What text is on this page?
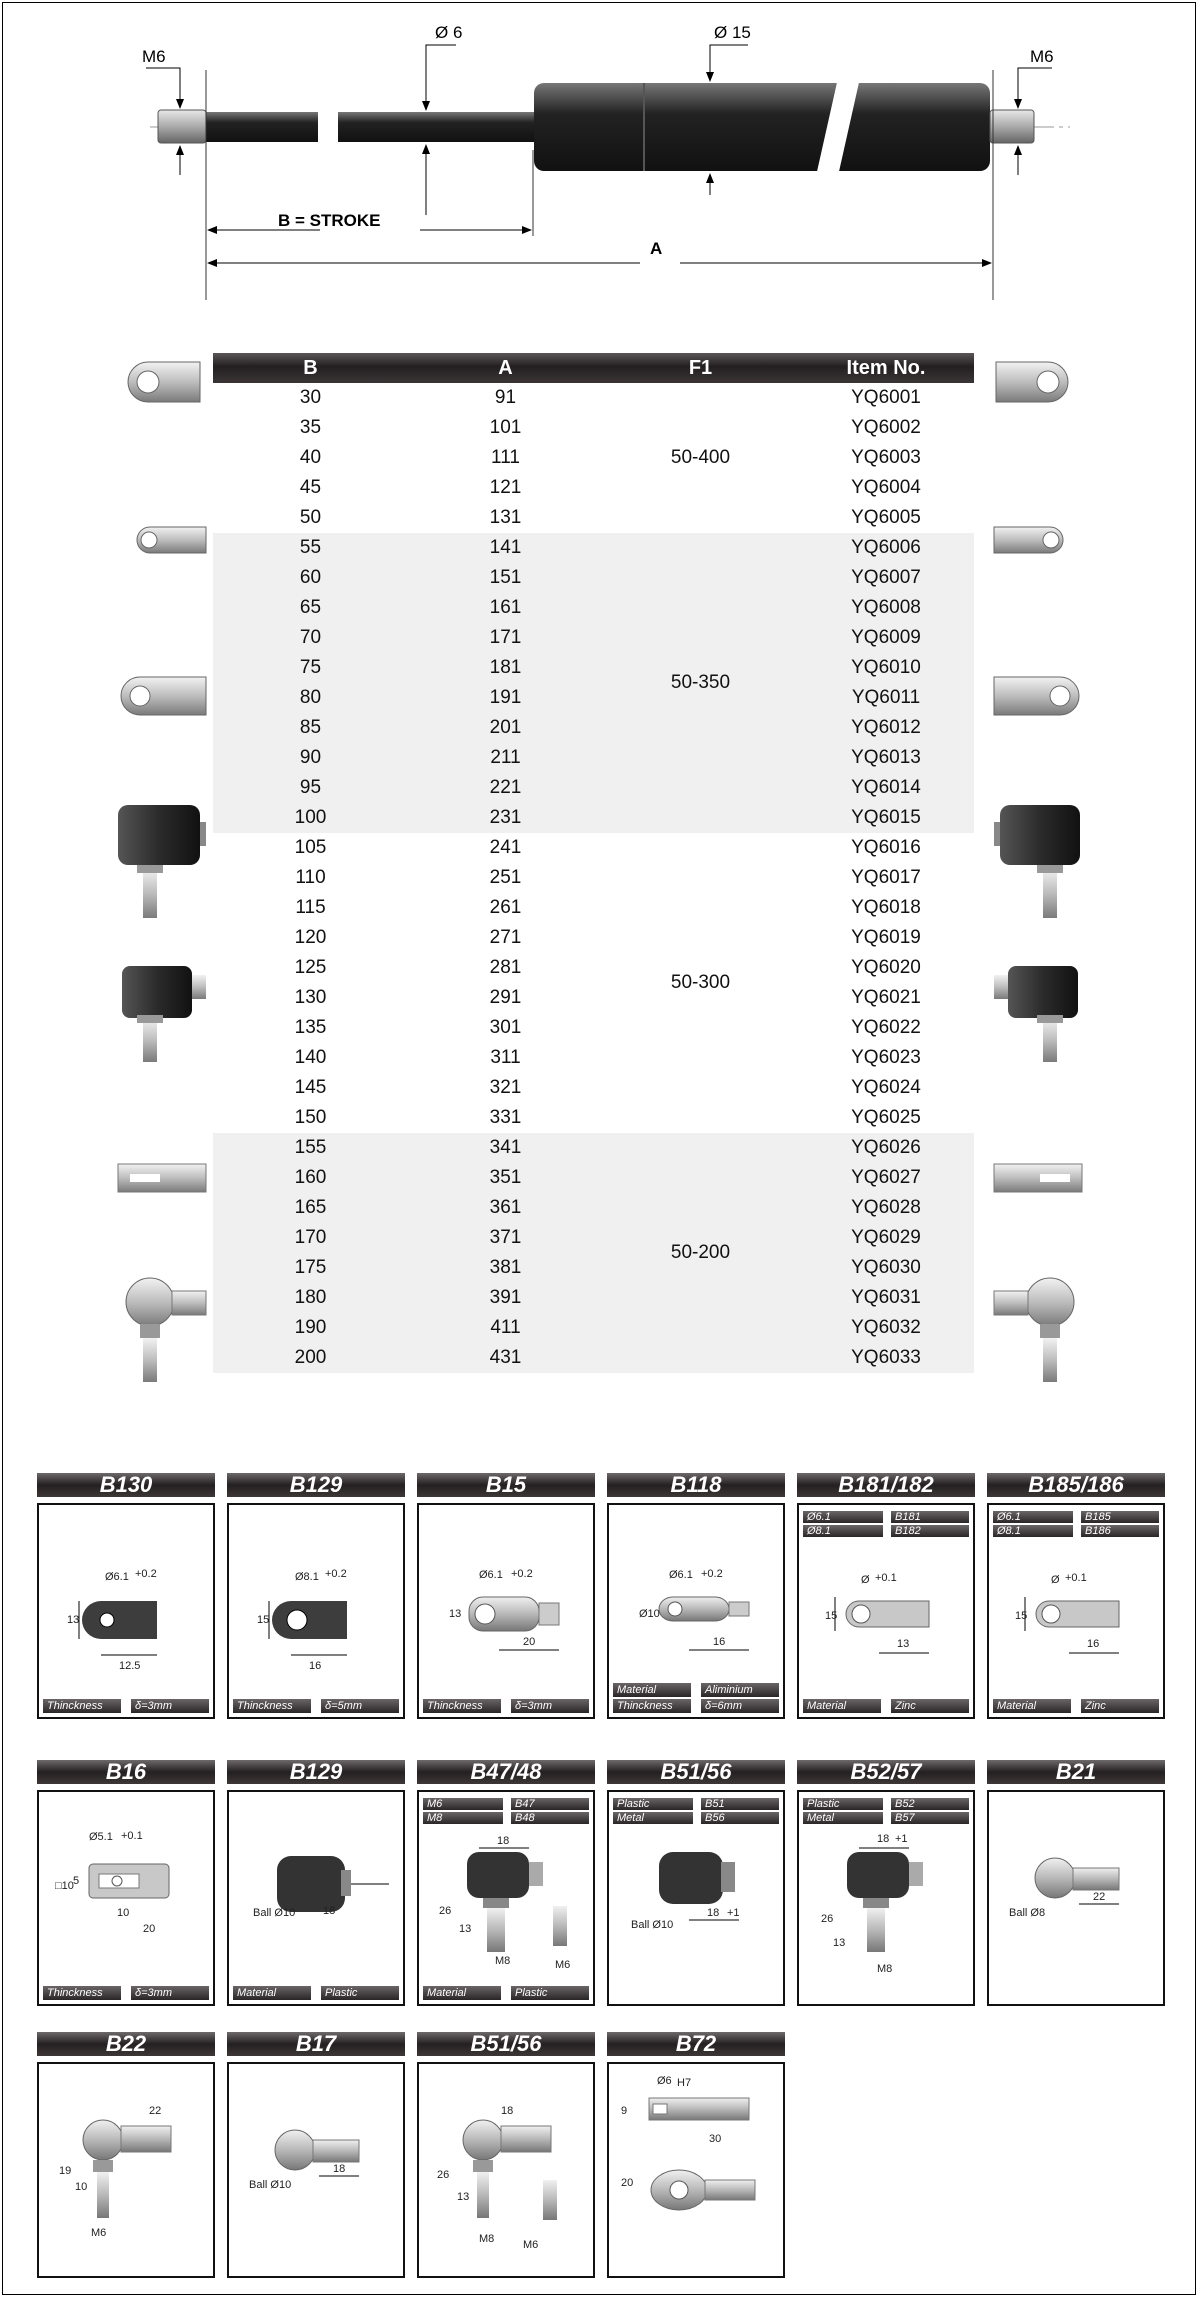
M6	M6
Ø 6	Ø 15
B = STROKE
A
B	A	F1	Item No.
30	91	50-400	YQ6001
35	101		YQ6002
40	111		YQ6003
45	121		YQ6004
50	131		YQ6005
55	141	50-350	YQ6006
60	151		YQ6007
65	161		YQ6008
70	171		YQ6009
75	181		YQ6010
80	191		YQ6011
85	201		YQ6012
90	211		YQ6013
95	221		YQ6014
100	231		YQ6015
105	241	50-300	YQ6016
110	251		YQ6017
115	261		YQ6018
120	271		YQ6019
125	281		YQ6020
130	291		YQ6021
135	301		YQ6022
140	311		YQ6023
145	321		YQ6024
150	331		YQ6025
155	341	50-200	YQ6026
160	351		YQ6027
165	361		YQ6028
170	371		YQ6029
175	381		YQ6030
180	391		YQ6031
190	411		YQ6032
200	431		YQ6033
B130
Ø6.1 +0.2
13
12.5
Thinckness	δ=3mm
B129
Ø8.1 +0.2
15
16
Thinckness	δ=5mm
B15
Ø6.1 +0.2
13
20
Thinckness	δ=3mm
B118
Ø6.1 +0.2
Ø10
16
Material	Aliminium
Thinckness	δ=6mm
B181/182
Ø +0.1
15
13
Ø6.1	B181
Ø8.1	B182
Material	Zinc
B185/186
Ø +0.1
15
16
Ø6.1	B185
Ø8.1	B186
Material	Zinc
B16
Ø5.1 +0.1
□10 5
10
20
Thinckness	δ=3mm
B129
Ball Ø10	18
Material	Plastic
B47/48
18
26
13
M8	M6
M6	B47
M8	B48
Material	Plastic
B51/56
Ball Ø10
18 +1
Plastic	B51
Metal	B56
B52/57
18 +1
26
13
M8
Plastic	B52
Metal	B57
B21
Ball Ø8
22
B22
22
19
10
M6
B17
Ball Ø10
18
B51/56
18
26
13
M8	M6
B72
Ø6 H7
9
30
20
